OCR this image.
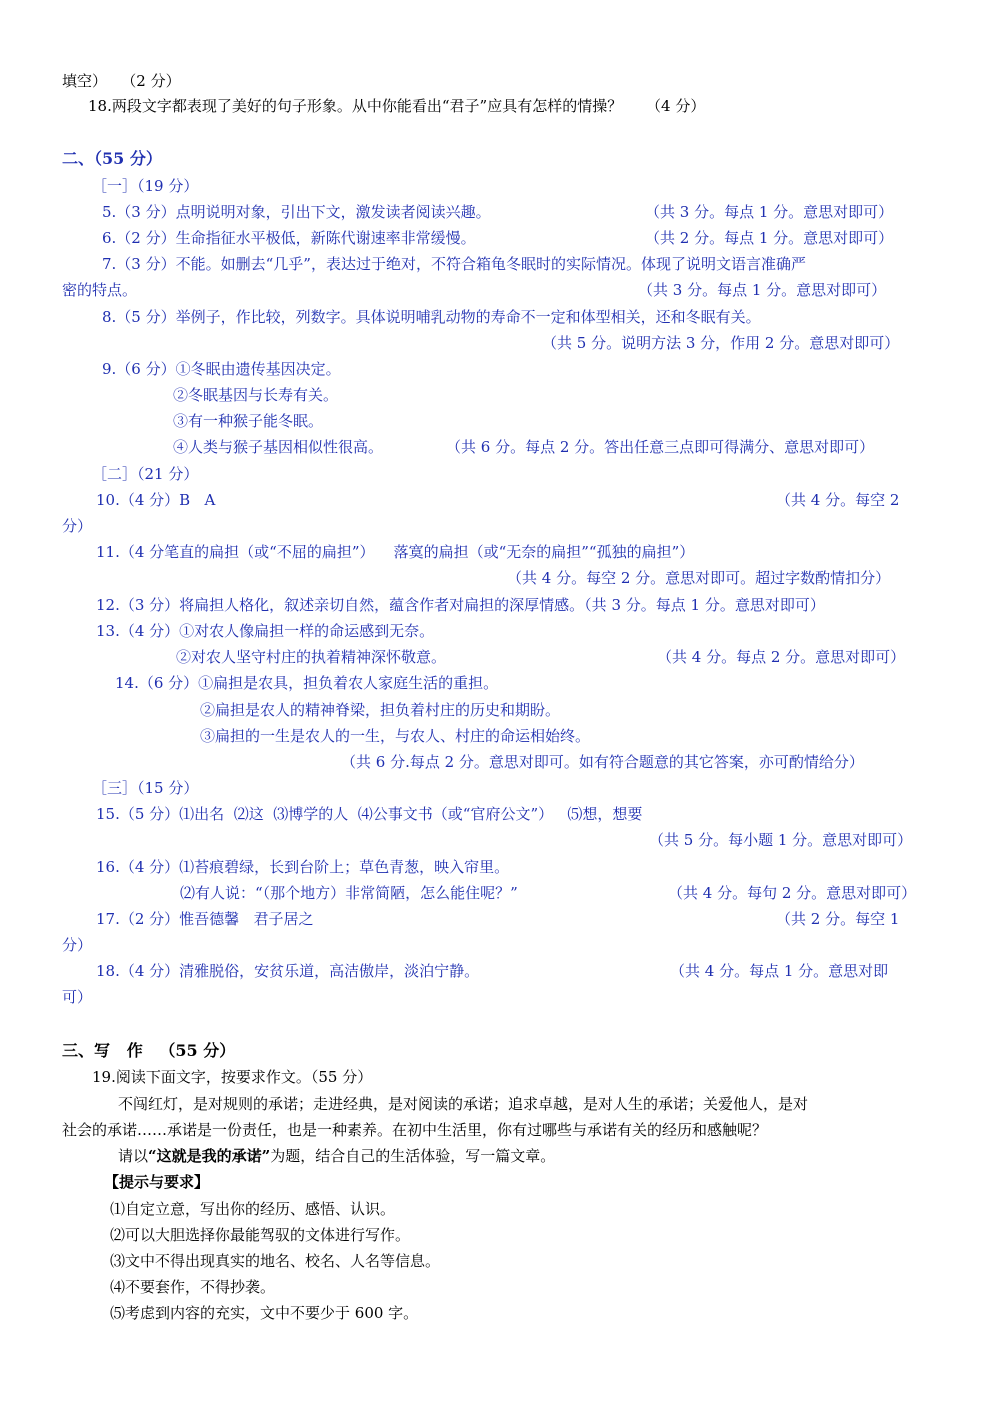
填空）   （2 分）
18.两段文字都表现了美好的句子形象。从中你能看出“君子”应具有怎样的情操？     （4 分）
二、（55 分）
［一］（19 分）
5.（3 分）点明说明对象，引出下文，激发读者阅读兴趣。	（共 3 分。每点 1 分。意思对即可）
6.（2 分）生命指征水平极低，新陈代谢速率非常缓慢。	（共 2 分。每点 1 分。意思对即可）
7.（3 分）不能。如删去“几乎”，表达过于绝对，不符合箱龟冬眠时的实际情况。体现了说明文语言准确严
密的特点。	（共 3 分。每点 1 分。意思对即可）
8.（5 分）举例子，作比较，列数字。具体说明哺乳动物的寿命不一定和体型相关，还和冬眠有关。
（共 5 分。说明方法 3 分，作用 2 分。意思对即可）
9.（6 分）①冬眠由遗传基因决定。
②冬眠基因与长寿有关。
③有一种猴子能冬眠。
④人类与猴子基因相似性很高。	（共 6 分。每点 2 分。答出任意三点即可得满分、意思对即可）
［二］（21 分）
10.（4 分）B   A	（共 4 分。每空 2
分）
11.（4 分笔直的扁担（或“不屈的扁担”）    落寞的扁担（或“无奈的扁担”“孤独的扁担”）
（共 4 分。每空 2 分。意思对即可。超过字数酌情扣分）
12.（3 分）将扁担人格化，叙述亲切自然，蕴含作者对扁担的深厚情感。（共 3 分。每点 1 分。意思对即可）
13.（4 分）①对农人像扁担一样的命运感到无奈。
②对农人坚守村庄的执着精神深怀敬意。	（共 4 分。每点 2 分。意思对即可）
14.（6 分）①扁担是农具，担负着农人家庭生活的重担。
②扁担是农人的精神脊梁，担负着村庄的历史和期盼。
③扁担的一生是农人的一生，与农人、村庄的命运相始终。
（共 6 分.每点 2 分。意思对即可。如有符合题意的其它答案，亦可酌情给分）
［三］（15 分）
15.（5 分）⑴出名  ⑵这  ⑶博学的人  ⑷公事文书（或“官府公文”）   ⑸想，想要
（共 5 分。每小题 1 分。意思对即可）
16.（4 分）⑴苔痕碧绿，长到台阶上；草色青葱，映入帘里。
⑵有人说：“（那个地方）非常简陋，怎么能住呢？”	（共 4 分。每句 2 分。意思对即可）
17.（2 分）惟吾德馨   君子居之	（共 2 分。每空 1
分）
18.（4 分）清雅脱俗，安贫乐道，高洁傲岸，淡泊宁静。	（共 4 分。每点 1 分。意思对即
可）
三、写   作   （55 分）
19.阅读下面文字，按要求作文。（55 分）
不闯红灯，是对规则的承诺；走进经典，是对阅读的承诺；追求卓越，是对人生的承诺；关爱他人，是对
社会的承诺……承诺是一份责任，也是一种素养。在初中生活里，你有过哪些与承诺有关的经历和感触呢？
请以“这就是我的承诺”为题，结合自己的生活体验，写一篇文章。
【提示与要求】
⑴自定立意，写出你的经历、感悟、认识。
⑵可以大胆选择你最能驾驭的文体进行写作。
⑶文中不得出现真实的地名、校名、人名等信息。
⑷不要套作，不得抄袭。
⑸考虑到内容的充实，文中不要少于 600 字。
